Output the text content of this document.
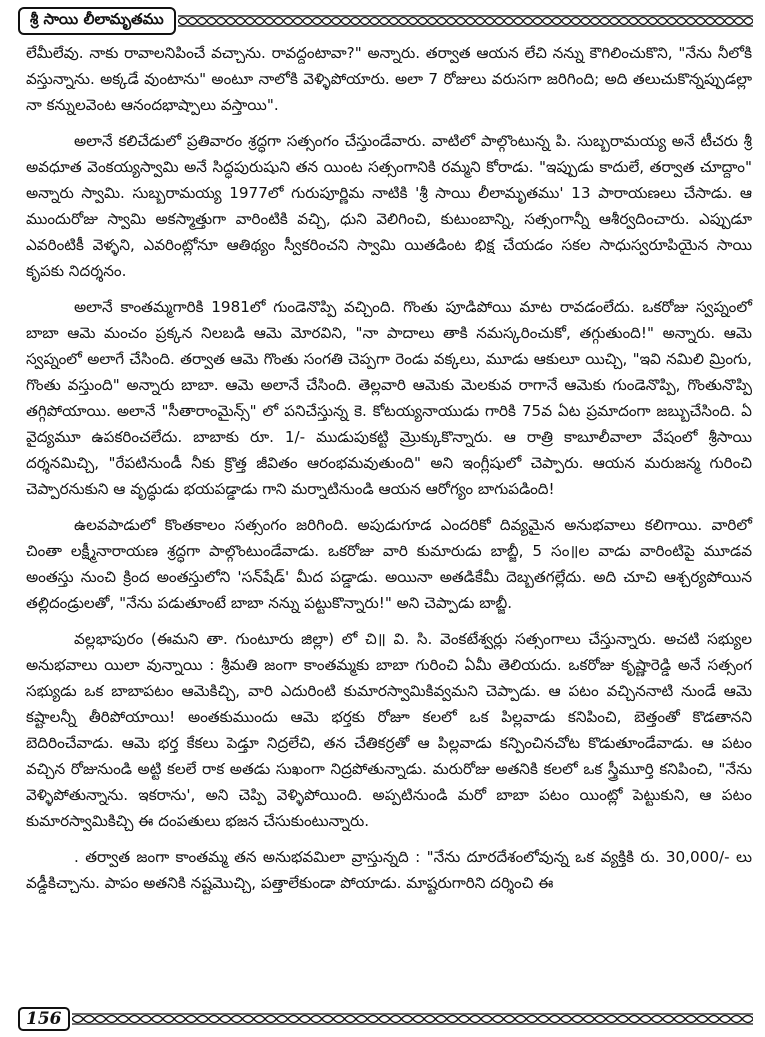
శ్రీ సాయి లీలామృతము

లేమీలేవు. నాకు రావాలనిపించే వచ్చాను. రావద్దంటావా?" అన్నారు. తర్వాత ఆయన లేచి నన్ను కౌగిలించుకొని, "నేను నీలోకి వస్తున్నాను. అక్కడే వుంటాను" అంటూ నాలోకి వెళ్ళిపోయారు. అలా 7 రోజులు వరుసగా జరిగింది; అది తలుచుకొన్నప్పుడల్లా నా కన్నులవెంట ఆనందభాష్పాలు వస్తాయి".

అలానే కలిచేడులో ప్రతివారం శ్రద్ధగా సత్సంగం చేస్తుండేవారు. వాటిలో పాల్గొంటున్న పి. సుబ్బరామయ్య అనే టీచరు శ్రీ అవధూత వెంకయ్యస్వామి అనే సిద్ధపురుషుని తన యింట సత్సంగానికి రమ్మని కోరాడు. "ఇప్పుడు కాదులే, తర్వాత చూద్దాం" అన్నారు స్వామి. సుబ్బరామయ్య 1977లో గురుపూర్ణిమ నాటికి 'శ్రీ సాయి లీలామృతము' 13 పారాయణలు చేసాడు. ఆ ముందురోజు స్వామి అకస్మాత్తుగా వారింటికి వచ్చి, ధుని వెలిగించి, కుటుంబాన్ని, సత్సంగాన్నీ ఆశీర్వదించారు. ఎప్పుడూ ఎవరింటికీ వెళ్ళని, ఎవరింట్లోనూ ఆతిథ్యం స్వీకరించని స్వామి యితడింట భిక్ష చేయడం సకల సాధుస్వరూపియైన సాయి కృపకు నిదర్శనం.

అలానే కాంతమ్మగారికి 1981లో గుండెనొప్పి వచ్చింది. గొంతు పూడిపోయి మాట రావడంలేదు. ఒకరోజు స్వప్నంలో బాబా ఆమె మంచం ప్రక్కన నిలబడి ఆమె మోరవిని, "నా పాదాలు తాకి నమస్కరించుకో, తగ్గుతుంది!" అన్నారు. ఆమె స్వప్నంలో అలాగే చేసింది. తర్వాత ఆమె గొంతు సంగతి చెప్పగా రెండు వక్కలు, మూడు ఆకులూ యిచ్చి, "ఇవి నమిలి మ్రింగు, గొంతు వస్తుంది" అన్నారు బాబా. ఆమె అలానే చేసింది. తెల్లవారి ఆమెకు మెలకువ రాగానే ఆమెకు గుండెనొప్పి, గొంతునొప్పి తగ్గిపోయాయి. అలానే "సీతారాంమైన్స్" లో పనిచేస్తున్న కె. కోటయ్యనాయుడు గారికి 75వ ఏట ప్రమాదంగా జబ్బుచేసింది. ఏ వైద్యమూ ఉపకరించలేదు. బాబాకు రూ. 1/- ముడుపుకట్టి మ్రొక్కుకొన్నారు. ఆ రాత్రి కాబూలీవాలా వేషంలో శ్రీసాయి దర్శనమిచ్చి, "రేపటినుండీ నీకు క్రొత్త జీవితం ఆరంభమవుతుంది" అని ఇంగ్లీషులో చెప్పారు. ఆయన మరుజన్మ గురించి చెప్పారనుకుని ఆ వృద్ధుడు భయపడ్డాడు గాని మర్నాటినుండి ఆయన ఆరోగ్యం బాగుపడింది!

ఉలవపాడులో కొంతకాలం సత్సంగం జరిగింది. అపుడుగూడ ఎందరికో దివ్యమైన అనుభవాలు కలిగాయి. వారిలో చింతా లక్ష్మీనారాయణ శ్రద్ధగా పాల్గొంటుండేవాడు. ఒకరోజు వారి కుమారుడు బాబ్జీ, 5 సం॥ల వాడు వారింటిపై మూడవ అంతస్తు నుంచి క్రింద అంతస్తులోని 'సన్‌షేడ్' మీద పడ్డాడు. అయినా అతడికేమీ దెబ్బతగల్లేదు. అది చూచి ఆశ్చర్యపోయిన తల్లిదండ్రులతో, "నేను పడుతూంటే బాబా నన్ను పట్టుకొన్నారు!" అని చెప్పాడు బాబ్జీ.

వల్లభాపురం (ఈమని తా. గుంటూరు జిల్లా) లో చి॥ వి. సి. వెంకటేశ్వర్లు సత్సంగాలు చేస్తున్నారు. అచటి సభ్యుల అనుభవాలు యిలా వున్నాయి : శ్రీమతి జంగా కాంతమ్మకు బాబా గురించి ఏమీ తెలియదు. ఒకరోజు కృష్ణారెడ్డి అనే సత్సంగ సభ్యుడు ఒక బాబాపటం ఆమెకిచ్చి, వారి ఎదురింటి కుమారస్వామికివ్వమని చెప్పాడు. ఆ పటం వచ్చిననాటి నుండే ఆమె కష్టాలన్నీ తీరిపోయాయి! అంతకుముందు ఆమె భర్తకు రోజూ కలలో ఒక పిల్లవాడు కనిపించి, బెత్తంతో కొడతానని బెదిరించేవాడు. ఆమె భర్త కేకలు పెడ్తూ నిద్రలేచి, తన చేతికర్రతో ఆ పిల్లవాడు కన్పించినచోట కొడుతూండేవాడు. ఆ పటం వచ్చిన రోజునుండి అట్టి కలలే రాక అతడు సుఖంగా నిద్రపోతున్నాడు. మరురోజు అతనికి కలలో ఒక స్త్రీమూర్తి కనిపించి, "నేను వెళ్ళిపోతున్నాను. ఇకరాను', అని చెప్పి వెళ్ళిపోయింది. అప్పటినుండి మరో బాబా పటం యింట్లో పెట్టుకుని, ఆ పటం కుమారస్వామికిచ్చి ఈ దంపతులు భజన చేసుకుంటున్నారు.

. తర్వాత జంగా కాంతమ్మ తన అనుభవమిలా వ్రాస్తున్నది : "నేను దూరదేశంలోవున్న ఒక వ్యక్తికి రు. 30,000/- లు వడ్డీకిచ్చాను. పాపం అతనికి నష్టమొచ్చి, పత్తాలేకుండా పోయాడు. మాష్టరుగారిని దర్శించి ఈ

156
